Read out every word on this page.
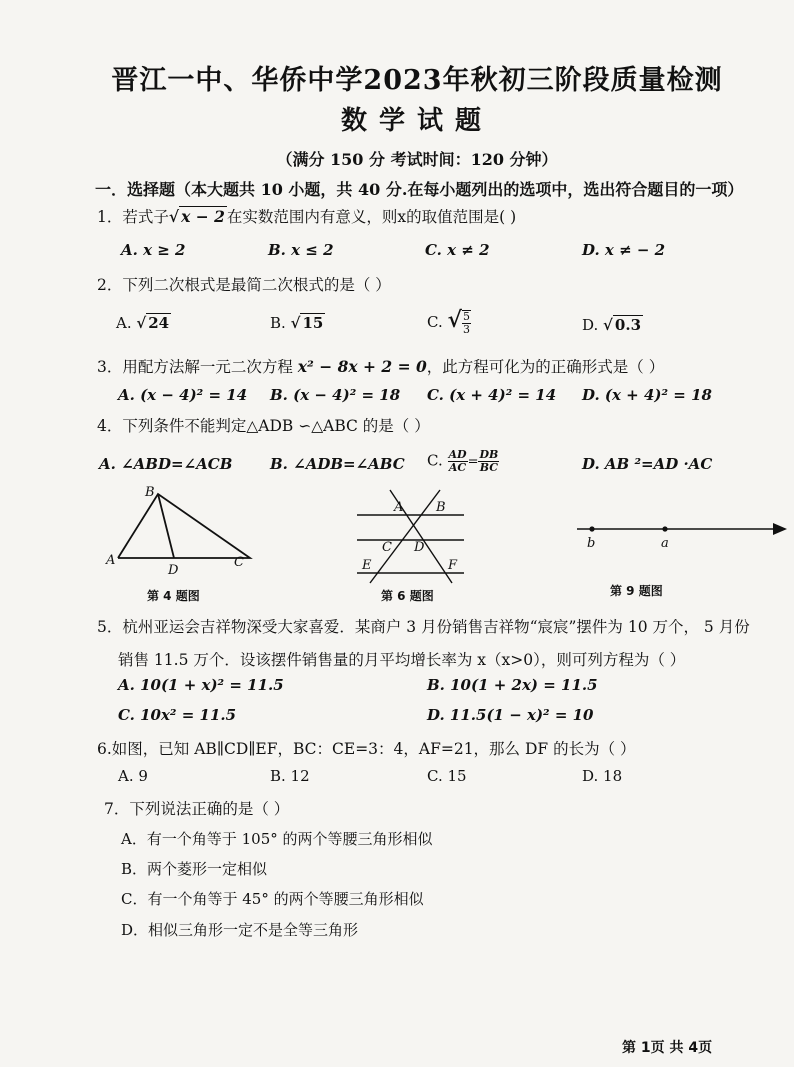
晋江一中、华侨中学2023年秋初三阶段质量检测
数学试题
（满分 150 分 考试时间：120 分钟）
一．选择题（本大题共 10 小题，共 40 分.在每小题列出的选项中，选出符合题目的一项）
1．若式子√ x − 2 在实数范围内有意义，则x的取值范围是( )
A. x ≥ 2	B. x ≤ 2	C. x ≠ 2	D. x ≠ − 2
2．下列二次根式是最简二次根式的是（ ）
A. √ 24	B. √ 15	C. √ $\frac{5}{3}$	D. √ 0.3
3．用配方法解一元二次方程 x² − 8x + 2 = 0，此方程可化为的正确形式是（ ）
A. (x − 4)² = 14 B. (x − 4)² = 18 C. (x + 4)² = 14 D. (x + 4)² = 18
4．下列条件不能判定△ADB ∽△ABC 的是（ ）
A. ∠ABD=∠ACB	B. ∠ADB=∠ABC C. $\frac{AD}{AC} = \frac{DB}{BC}$	D. AB ²=AD ·AC
B
A
D
C
第 4 题图
A	B
C D
E	F
第 6 题图
b	a
第 9 题图
5．杭州亚运会吉祥物深受大家喜爱．某商户 3 月份销售吉祥物“宸宸”摆件为 10 万个， 5 月份
销售 11.5 万个．设该摆件销售量的月平均增长率为 x（x>0），则可列方程为（ ）
A. 10(1 + x)² = 11.5	B. 10(1 + 2x) = 11.5
C. 10x² = 11.5	D. 11.5(1 − x)² = 10
6.如图，已知 AB∥CD∥EF，BC：CE=3：4，AF=21，那么 DF 的长为（ ）
A. 9	B. 12	C. 15	D. 18
7．下列说法正确的是（ ）
A．有一个角等于 105° 的两个等腰三角形相似
B．两个菱形一定相似
C．有一个角等于 45° 的两个等腰三角形相似
D．相似三角形一定不是全等三角形
第 1页 共 4页
